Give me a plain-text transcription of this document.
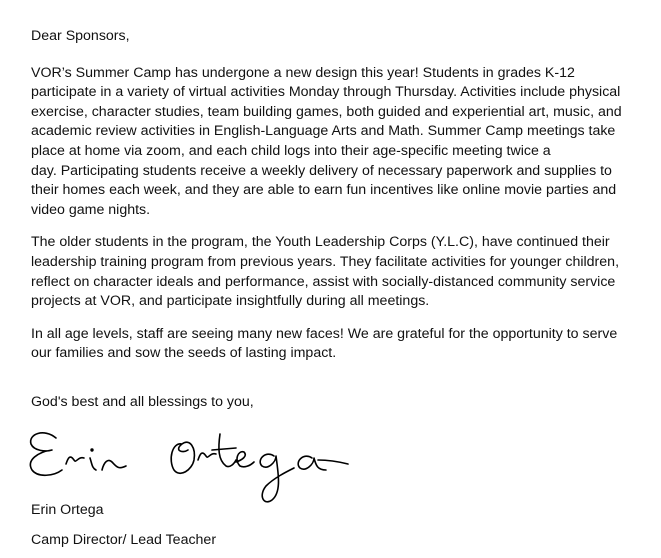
Dear Sponsors,

VOR’s Summer Camp has undergone a new design this year! Students in grades K-12
participate in a variety of virtual activities Monday through Thursday. Activities include physical
exercise, character studies, team building games, both guided and experiential art, music, and
academic review activities in English-Language Arts and Math. Summer Camp meetings take
place at home via zoom, and each child logs into their age-specific meeting twice a
day. Participating students receive a weekly delivery of necessary paperwork and supplies to
their homes each week, and they are able to earn fun incentives like online movie parties and
video game nights.

The older students in the program, the Youth Leadership Corps (Y.L.C), have continued their
leadership training program from previous years. They facilitate activities for younger children,
reflect on character ideals and performance, assist with socially-distanced community service
projects at VOR, and participate insightfully during all meetings.

In all age levels, staff are seeing many new faces! We are grateful for the opportunity to serve
our families and sow the seeds of lasting impact.

God's best and all blessings to you,
Erin Ortega
Camp Director/ Lead Teacher
